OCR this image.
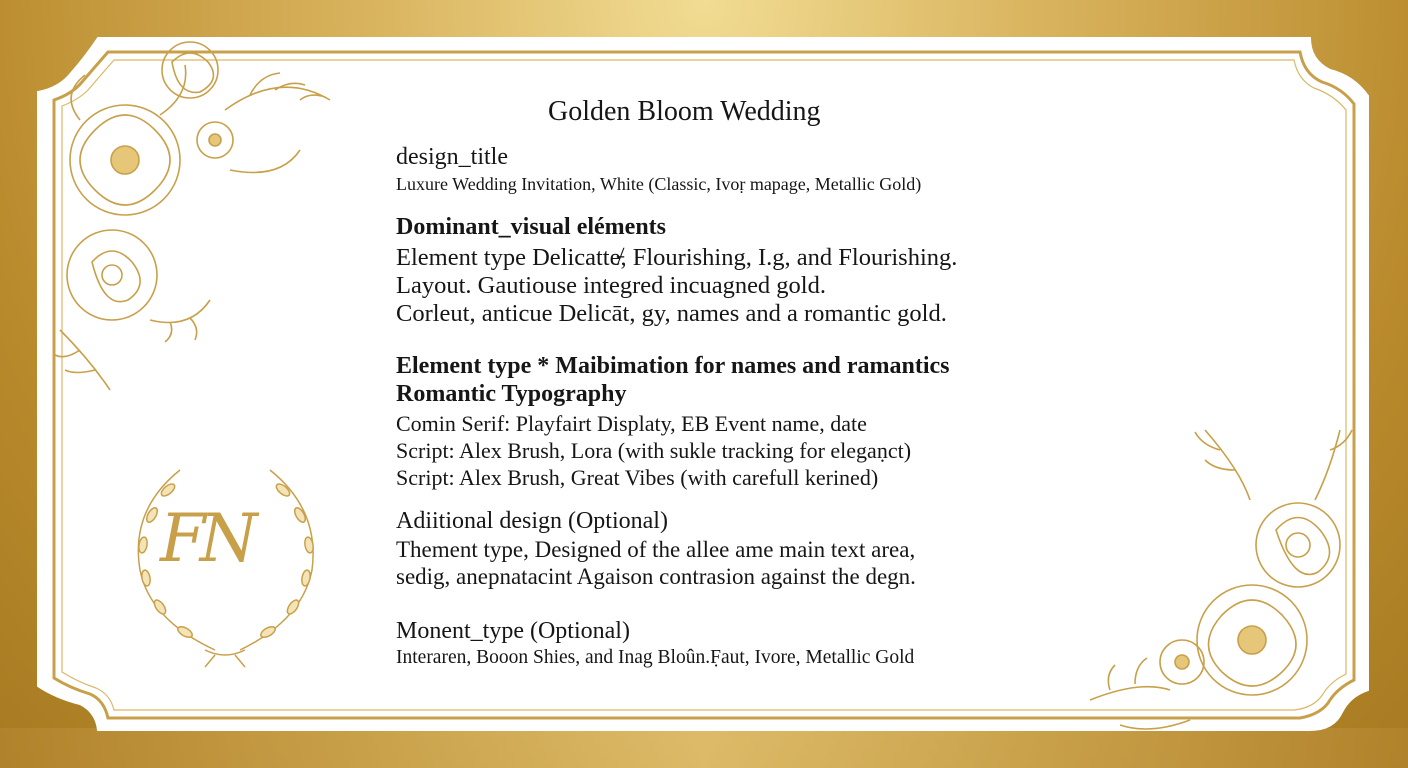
FN
Golden Bloom Wedding
design_title
Luxure Wedding Invitation, White (Classic, Ivoṛ mapage, Metallic Gold)
Dominant_visual eléments
Element type Delicatte̵̸, Flourishing, I.g, and Flourishing.
Layout. Gautiouse integred incuagned gold.
Corleut, anticue Delicāt, gy, names and a romantic gold.
Element type * Maibimation for names and ramantics
Romantic Typography
Comin Serif: Playfairt Displaty, EB Event name, date
Script: Alex Brush, Lora (with sukle tracking for elegaṇct)
Script: Alex Brush, Great Vibes (with carefull kerined)
Adiitional design (Optional)
Thement type, Designed of the allee ame main text area,
sedig, anepnatacint Agaison contrasion against the degn.
Monent_type (Optional)
Interaren, Booon Shies, and Inag Bloûn.F̣aut, Ivore, Metallic Gold
